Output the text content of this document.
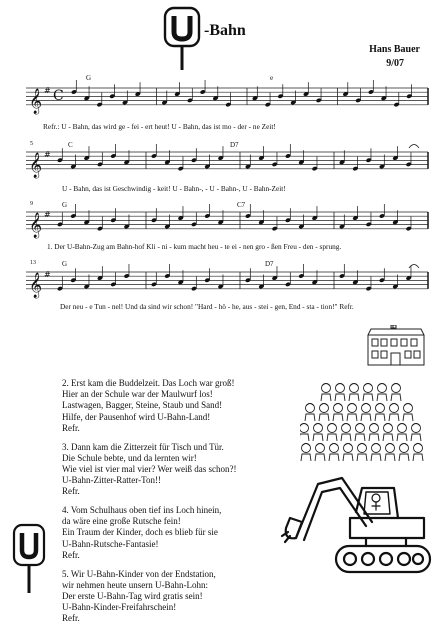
-Bahn
Hans Bauer
9/07
𝄞 # C
𝄞 #
𝄞 #
𝄞 #
G	e
C	D7
G	C7
G	D7
5
9
13
Refr.: U - Bahn, das wird ge - fei - ert heut! U - Bahn, das ist mo - der - ne Zeit!
U - Bahn, das ist Geschwindig - keit! U - Bahn-, - U - Bahn-, U - Bahn-Zeit!
1. Der U-Bahn-Zug am Bahn-hof Kli - ni - kum macht heu - te ei - nen gro - ßen Freu - den - sprung.
Der neu - e Tun - nel! Und da sind wir schon! "Hard - hö - he, aus - stei - gen, End - sta - tion!" Refr.
2. Erst kam die Buddelzeit. Das Loch war groß!
Hier an der Schule war der Maulwurf los!
Lastwagen, Bagger, Steine, Staub und Sand!
Hilfe, der Pausenhof wird U-Bahn-Land!
Refr.
3. Dann kam die Zitterzeit für Tisch und Tür.
Die Schule bebte, und da lernten wir!
Wie viel ist vier mal vier? Wer weiß das schon?!
U-Bahn-Zitter-Ratter-Ton!!
Refr.
4. Vom Schulhaus oben tief ins Loch hinein,
da wäre eine große Rutsche fein!
Ein Traum der Kinder, doch es blieb für sie
U-Bahn-Rutsche-Fantasie!
Refr.
5. Wir U-Bahn-Kinder von der Endstation,
wir nehmen heute unsern U-Bahn-Lohn:
Der erste U-Bahn-Tag wird gratis sein!
U-Bahn-Kinder-Freifahrschein!
Refr.
